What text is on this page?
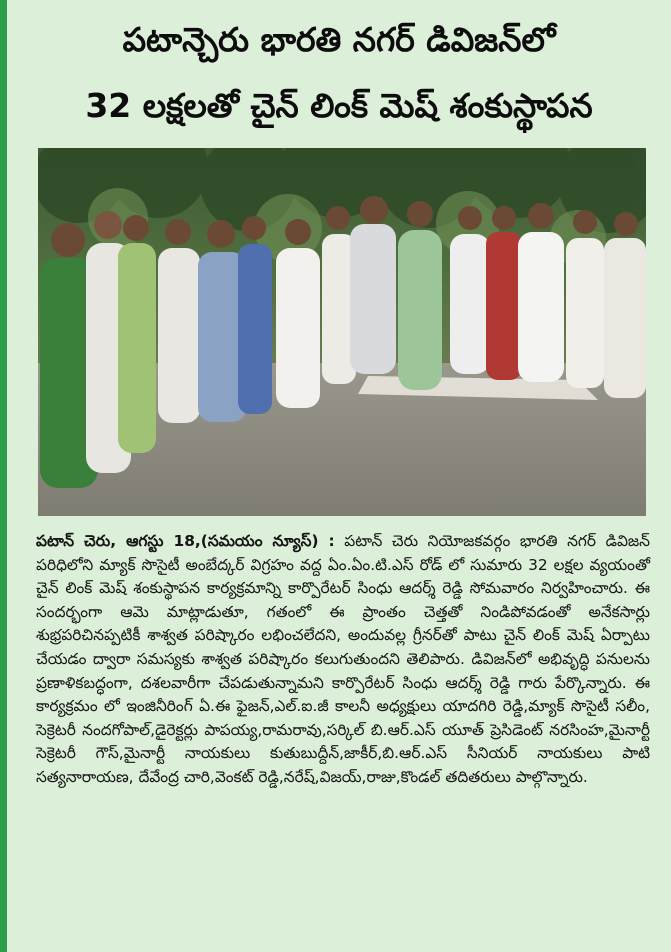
పటాన్చెరు భారతి నగర్ డివిజన్‌లో
32 లక్షలతో చైన్ లింక్ మెష్ శంకుస్థాపన
పటాన్ చెరు, ఆగస్టు 18,(సమయం న్యూస్) : పటాన్ చెరు నియోజకవర్గం భారతి నగర్ డివిజన్ పరిధిలోని మ్యాక్ సొసైటీ అంబేద్కర్ విగ్రహం వద్ద ఏం.ఏం.టి.ఎస్ రోడ్ లో సుమారు 32 లక్షల వ్యయంతో చైన్ లింక్ మెష్ శంకుస్థాపన కార్యక్రమాన్ని కార్పొరేటర్ సింధు ఆదర్శ్ రెడ్డి సోమవారం నిర్వహించారు. ఈ సందర్భంగా ఆమె మాట్లాడుతూ, గతంలో ఈ ప్రాంతం చెత్తతో నిండిపోవడంతో అనేకసార్లు శుభ్రపరిచినప్పటికీ శాశ్వత పరిష్కారం లభించలేదని, అందువల్ల గ్రీనర్‌తో పాటు చైన్ లింక్ మెష్ ఏర్పాటు చేయడం ద్వారా సమస్యకు శాశ్వత పరిష్కారం కలుగుతుందని తెలిపారు. డివిజన్‌లో అభివృద్ధి పనులను ప్రణాళికబద్ధంగా, దశలవారీగా చేపడుతున్నామని కార్పొరేటర్ సింధు ఆదర్శ్ రెడ్డి గారు పేర్కొన్నారు. ఈ కార్యక్రమం లో ఇంజినీరింగ్ ఏ.ఈ ఫైజన్,ఎల్.ఐ.జీ కాలనీ అధ్యక్షులు యాదగిరి రెడ్డి,మ్యాక్ సొసైటీ సలీం, సెక్రెటరీ నందగోపాల్,డైరెక్టర్లు పాపయ్య,రామరావు,సర్కిల్ బి.ఆర్.ఎస్ యూత్ ప్రెసిడెంట్ నరసింహ,మైనార్టీ సెక్రెటరీ గౌస్,మైనార్టీ నాయకులు కుతుబుద్దీన్,జాకీర్,బి.ఆర్.ఎస్ సీనియర్ నాయకులు పాటి సత్యనారాయణ, దేవేంద్ర చారి,వెంకట్ రెడ్డి,నరేష్,విజయ్,రాజు,కొండల్ తదితరులు పాల్గొన్నారు.
